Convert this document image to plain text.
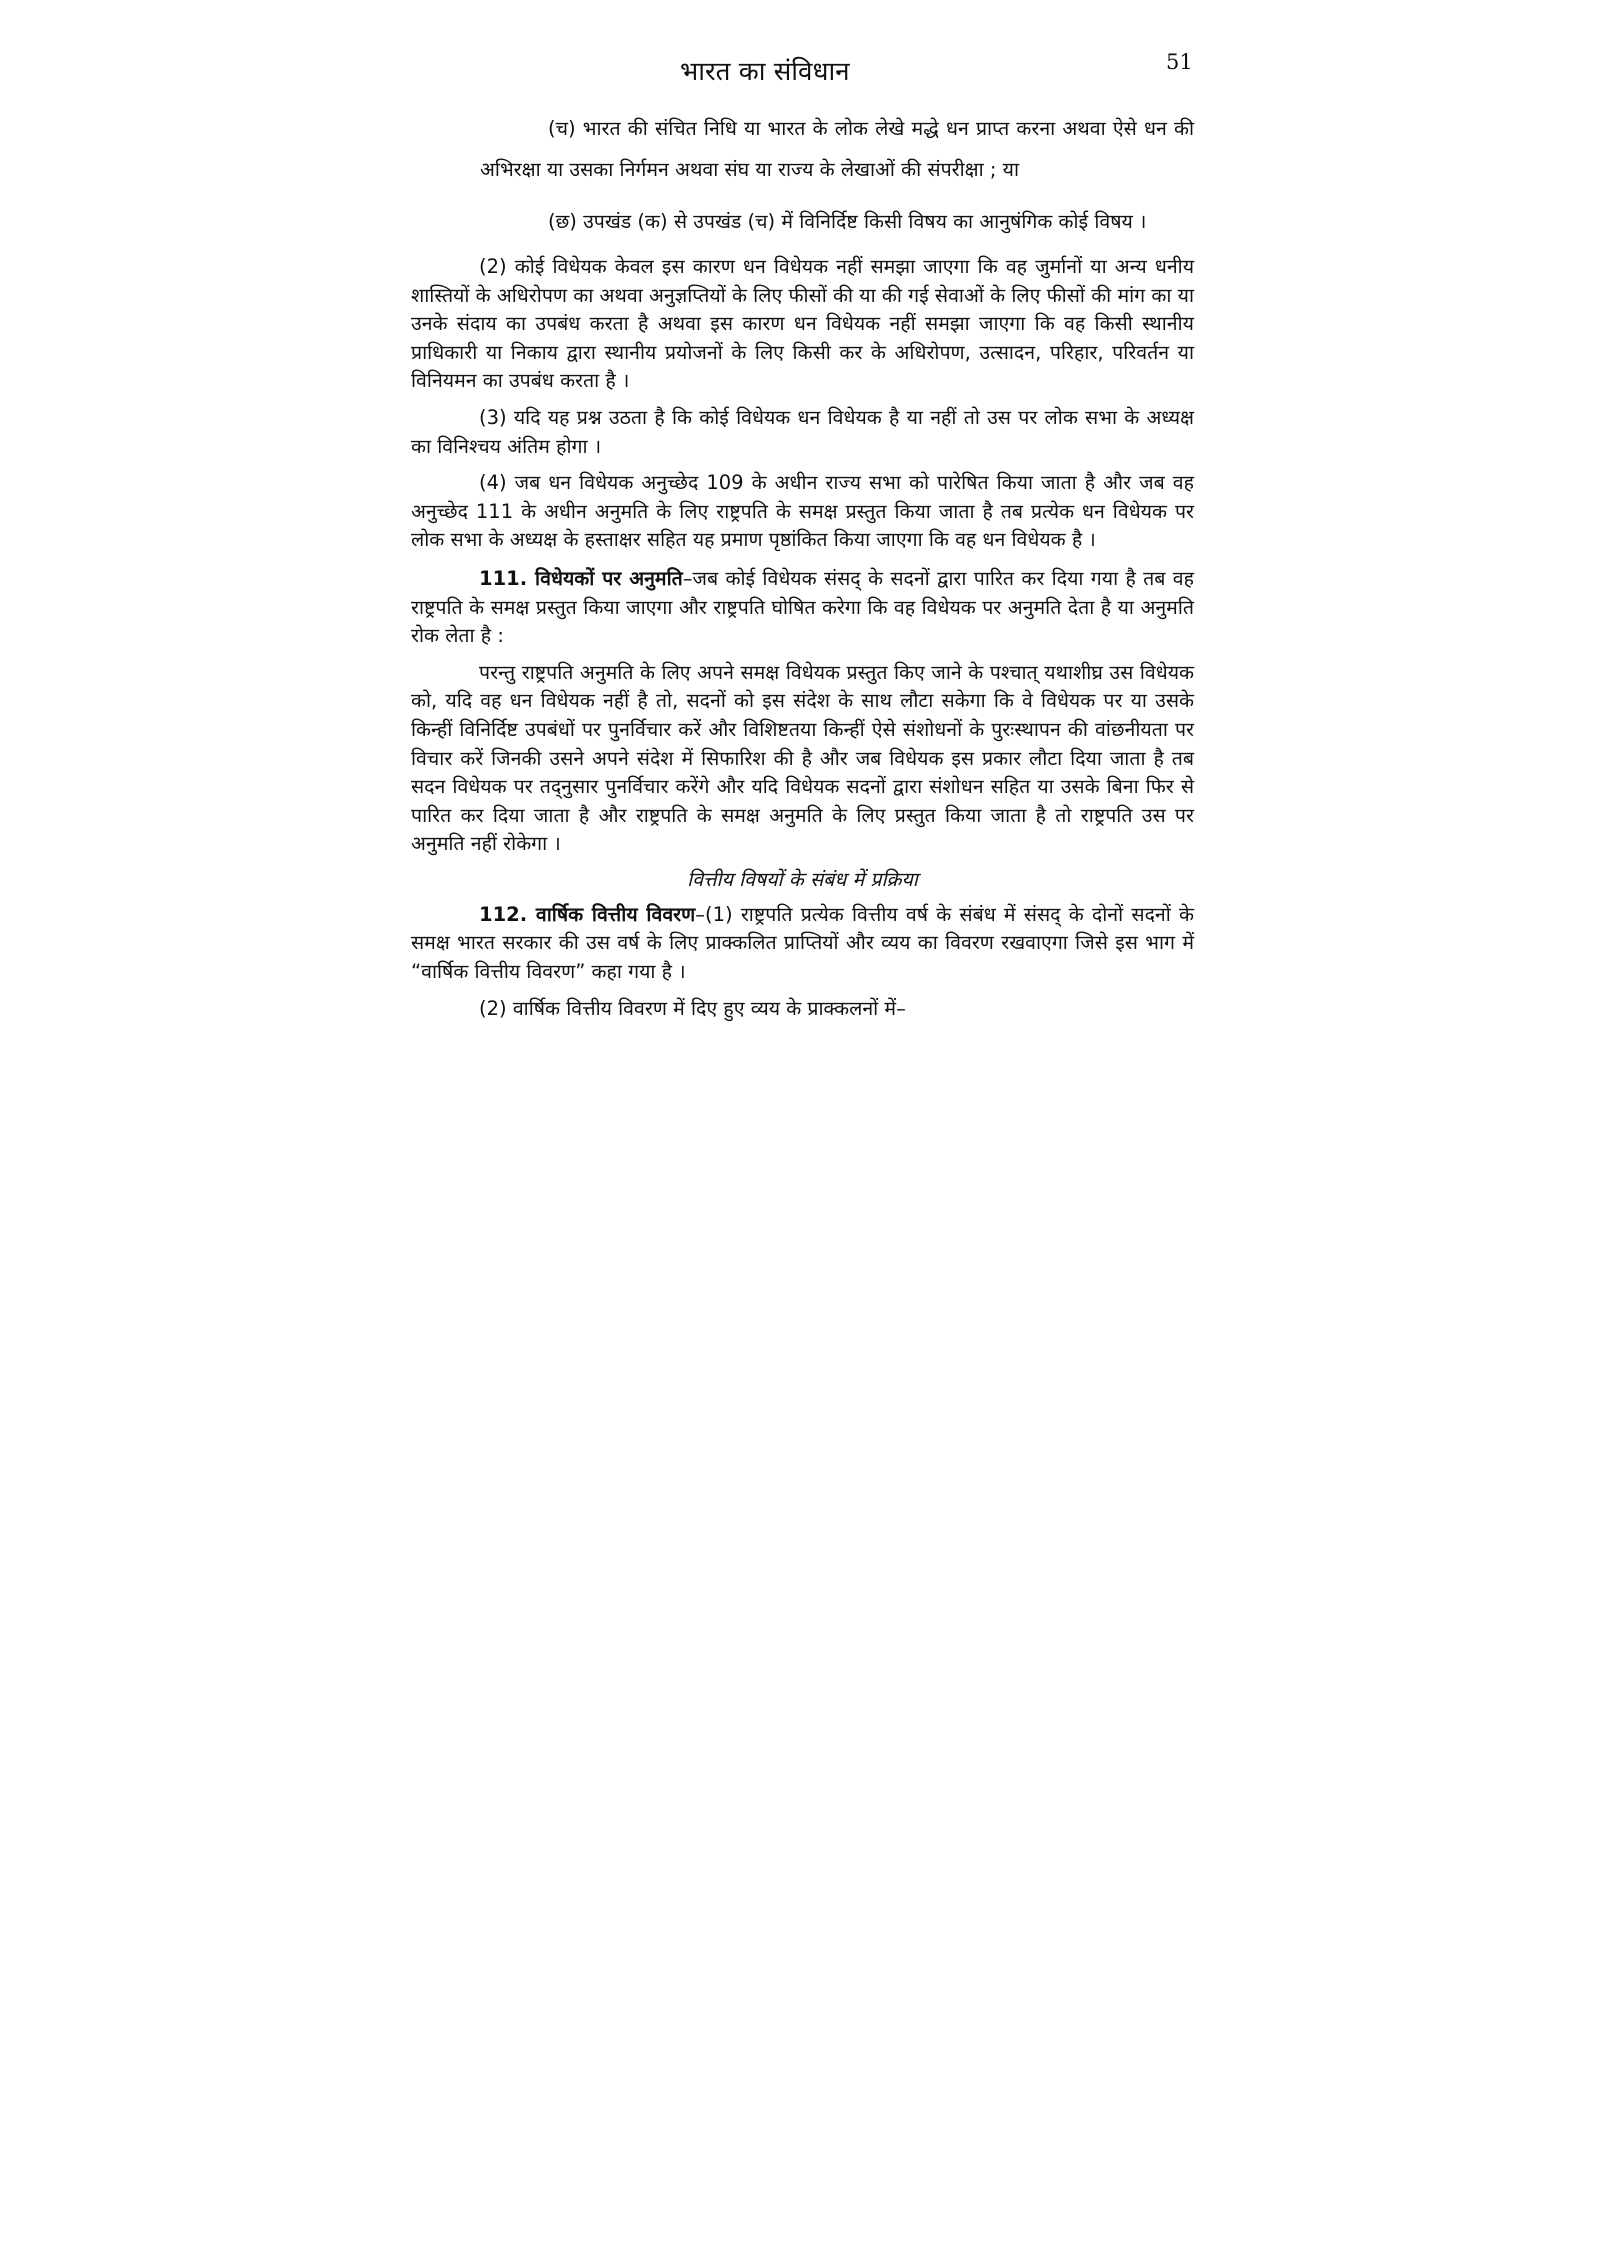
भारत का संविधान	51

(च) भारत की संचित निधि या भारत के लोक लेखे मद्धे धन प्राप्त करना अथवा ऐसे धन की अभिरक्षा या उसका निर्गमन अथवा संघ या राज्य के लेखाओं की संपरीक्षा ; या

(छ) उपखंड (क) से उपखंड (च) में विनिर्दिष्ट किसी विषय का आनुषंगिक कोई विषय ।

(2) कोई विधेयक केवल इस कारण धन विधेयक नहीं समझा जाएगा कि वह जुर्मानों या अन्य धनीय शास्तियों के अधिरोपण का अथवा अनुज्ञप्तियों के लिए फीसों की या की गई सेवाओं के लिए फीसों की मांग का या उनके संदाय का उपबंध करता है अथवा इस कारण धन विधेयक नहीं समझा जाएगा कि वह किसी स्थानीय प्राधिकारी या निकाय द्वारा स्थानीय प्रयोजनों के लिए किसी कर के अधिरोपण, उत्सादन, परिहार, परिवर्तन या विनियमन का उपबंध करता है ।

(3) यदि यह प्रश्न उठता है कि कोई विधेयक धन विधेयक है या नहीं तो उस पर लोक सभा के अध्यक्ष का विनिश्चय अंतिम होगा ।

(4) जब धन विधेयक अनुच्छेद 109 के अधीन राज्य सभा को पारेषित किया जाता है और जब वह अनुच्छेद 111 के अधीन अनुमति के लिए राष्ट्रपति के समक्ष प्रस्तुत किया जाता है तब प्रत्येक धन विधेयक पर लोक सभा के अध्यक्ष के हस्ताक्षर सहित यह प्रमाण पृष्ठांकित किया जाएगा कि वह धन विधेयक है ।

111. विधेयकों पर अनुमति–जब कोई विधेयक संसद् के सदनों द्वारा पारित कर दिया गया है तब वह राष्ट्रपति के समक्ष प्रस्तुत किया जाएगा और राष्ट्रपति घोषित करेगा कि वह विधेयक पर अनुमति देता है या अनुमति रोक लेता है :

परन्तु राष्ट्रपति अनुमति के लिए अपने समक्ष विधेयक प्रस्तुत किए जाने के पश्चात् यथाशीघ्र उस विधेयक को, यदि वह धन विधेयक नहीं है तो, सदनों को इस संदेश के साथ लौटा सकेगा कि वे विधेयक पर या उसके किन्हीं विनिर्दिष्ट उपबंधों पर पुनर्विचार करें और विशिष्टतया किन्हीं ऐसे संशोधनों के पुरःस्थापन की वांछनीयता पर विचार करें जिनकी उसने अपने संदेश में सिफारिश की है और जब विधेयक इस प्रकार लौटा दिया जाता है तब सदन विधेयक पर तद्नुसार पुनर्विचार करेंगे और यदि विधेयक सदनों द्वारा संशोधन सहित या उसके बिना फिर से पारित कर दिया जाता है और राष्ट्रपति के समक्ष अनुमति के लिए प्रस्तुत किया जाता है तो राष्ट्रपति उस पर अनुमति नहीं रोकेगा ।

वित्तीय विषयों के संबंध में प्रक्रिया

112. वार्षिक वित्तीय विवरण–(1) राष्ट्रपति प्रत्येक वित्तीय वर्ष के संबंध में संसद् के दोनों सदनों के समक्ष भारत सरकार की उस वर्ष के लिए प्राक्कलित प्राप्तियों और व्यय का विवरण रखवाएगा जिसे इस भाग में “वार्षिक वित्तीय विवरण” कहा गया है ।

(2) वार्षिक वित्तीय विवरण में दिए हुए व्यय के प्राक्कलनों में–
